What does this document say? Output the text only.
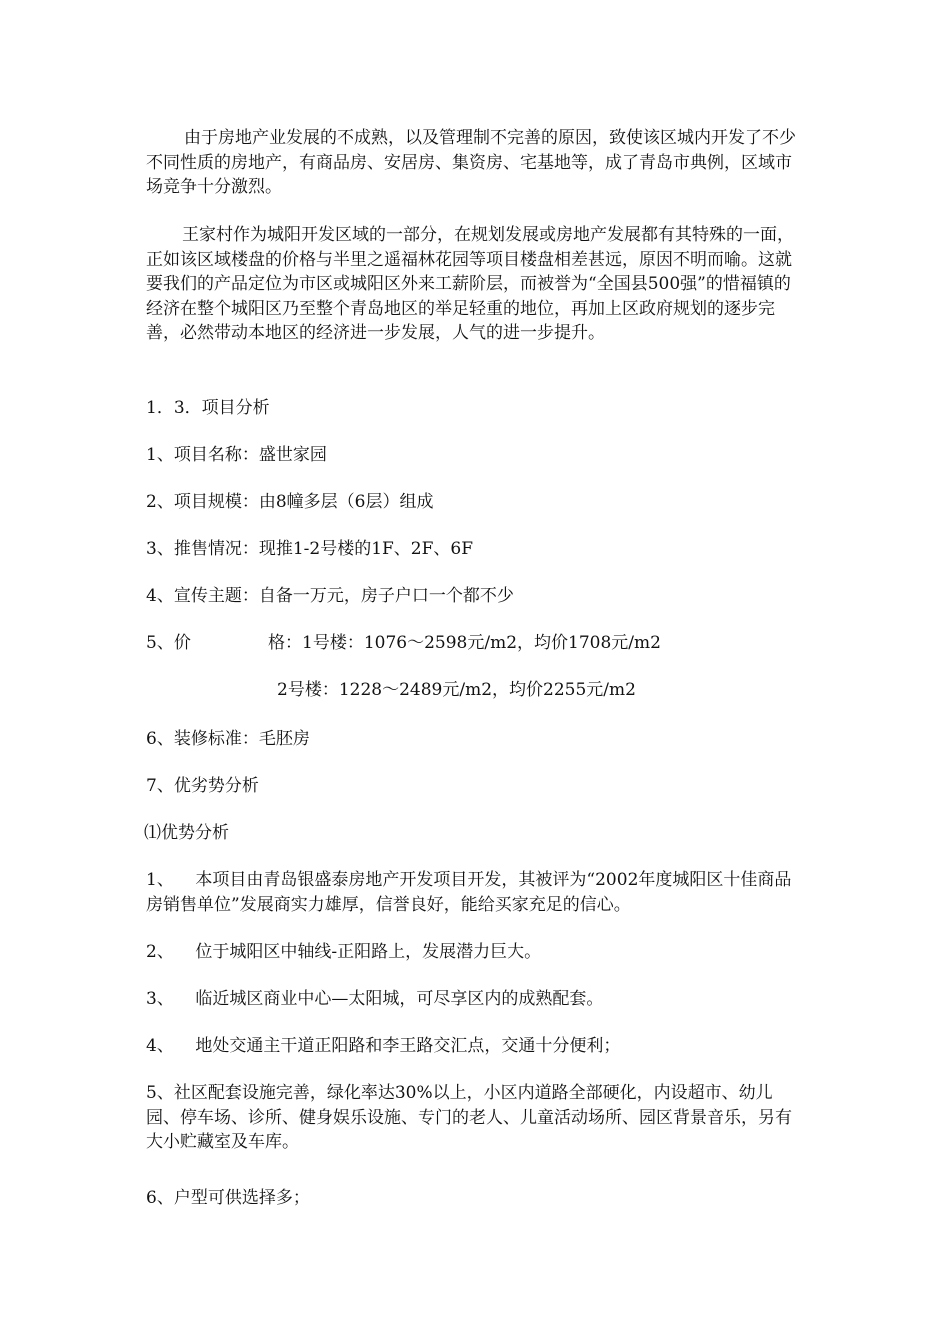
由于房地产业发展的不成熟，以及管理制不完善的原因，致使该区城内开发了不少不同性质的房地产，有商品房、安居房、集资房、宅基地等，成了青岛市典例，区域市场竞争十分激烈。

王家村作为城阳开发区域的一部分，在规划发展或房地产发展都有其特殊的一面，正如该区域楼盘的价格与半里之遥福林花园等项目楼盘相差甚远，原因不明而喻。这就要我们的产品定位为市区或城阳区外来工薪阶层，而被誉为“全国县500强”的惜福镇的经济在整个城阳区乃至整个青岛地区的举足轻重的地位，再加上区政府规划的逐步完善，必然带动本地区的经济进一步发展，人气的进一步提升。

1．3．项目分析

1、项目名称：盛世家园

2、项目规模：由8幢多层（6层）组成

3、推售情况：现推1-2号楼的1F、2F、6F

4、宣传主题：自备一万元，房子户口一个都不少

5、价	格：1号楼：1076～2598元/m2，均价1708元/m2

2号楼：1228～2489元/m2，均价2255元/m2

6、装修标准：毛胚房

7、优劣势分析

⑴优势分析

1、    本项目由青岛银盛泰房地产开发项目开发，其被评为“2002年度城阳区十佳商品房销售单位”发展商实力雄厚，信誉良好，能给买家充足的信心。

2、    位于城阳区中轴线-正阳路上，发展潜力巨大。

3、    临近城区商业中心—太阳城，可尽享区内的成熟配套。

4、    地处交通主干道正阳路和李王路交汇点，交通十分便利；

5、社区配套设施完善，绿化率达30%以上，小区内道路全部硬化，内设超市、幼儿园、停车场、诊所、健身娱乐设施、专门的老人、儿童活动场所、园区背景音乐，另有大小贮藏室及车库。

6、户型可供选择多；
